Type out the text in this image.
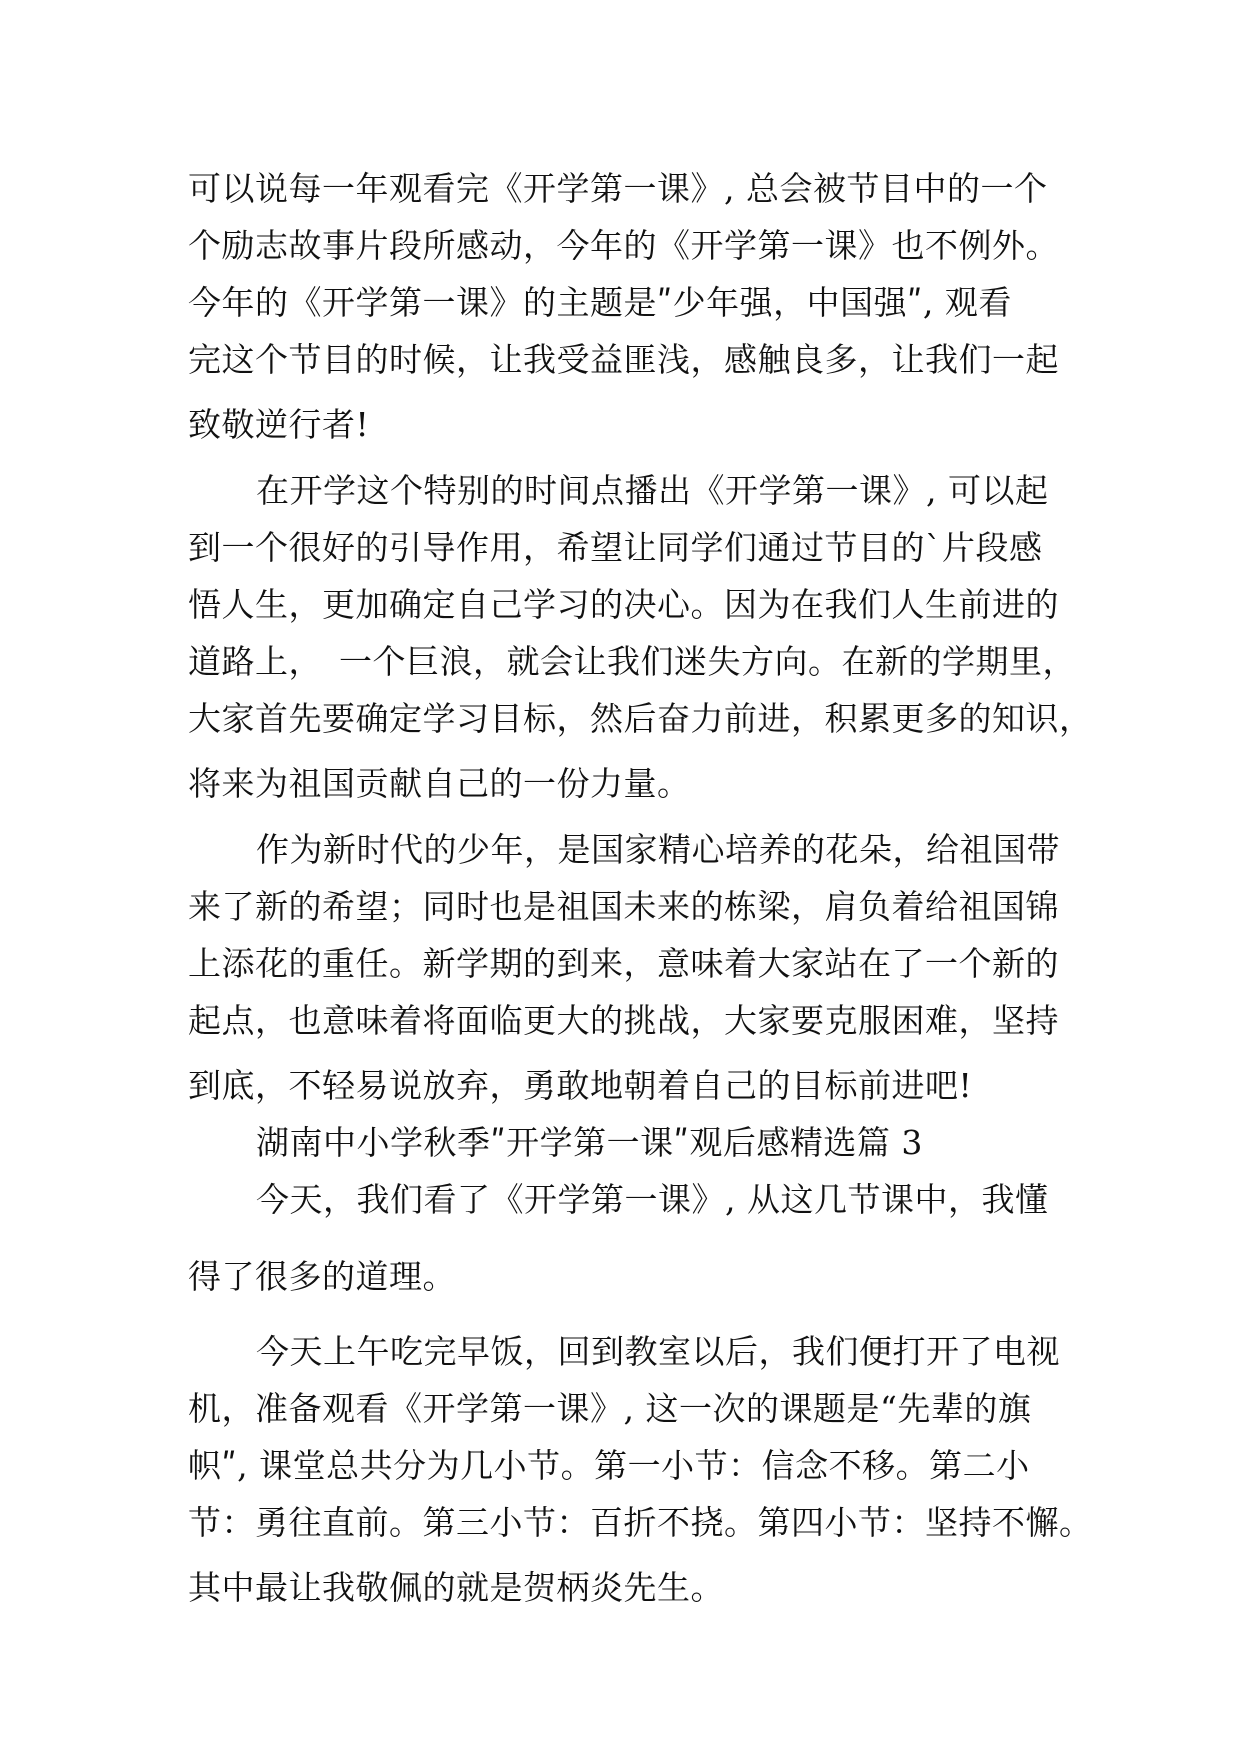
可以说每一年观看完《开学第一课》, 总会被节目中的一个
个励志故事片段所感动，今年的《开学第一课》也不例外。
今年的《开学第一课》的主题是ʺ少年强，中国强ʺ, 观看
完这个节目的时候，让我受益匪浅，感触良多，让我们一起
致敬逆行者!
在开学这个特别的时间点播出《开学第一课》, 可以起
到一个很好的引导作用，希望让同学们通过节目的`片段感
悟人生，更加确定自己学习的决心。因为在我们人生前进的
道路上，　一个巨浪，就会让我们迷失方向。在新的学期里，
大家首先要确定学习目标，然后奋力前进，积累更多的知识，
将来为祖国贡献自己的一份力量。
作为新时代的少年，是国家精心培养的花朵，给祖国带
来了新的希望；同时也是祖国未来的栋梁，肩负着给祖国锦
上添花的重任。新学期的到来，意味着大家站在了一个新的
起点，也意味着将面临更大的挑战，大家要克服困难，坚持
到底，不轻易说放弃，勇敢地朝着自己的目标前进吧!
湖南中小学秋季ʺ开学第一课ʺ观后感精选篇 3
今天，我们看了《开学第一课》, 从这几节课中，我懂
得了很多的道理。
今天上午吃完早饭，回到教室以后，我们便打开了电视
机，准备观看《开学第一课》, 这一次的课题是“先辈的旗
帜ʺ, 课堂总共分为几小节。第一小节：信念不移。第二小
节：勇往直前。第三小节：百折不挠。第四小节：坚持不懈。
其中最让我敬佩的就是贺柄炎先生。
